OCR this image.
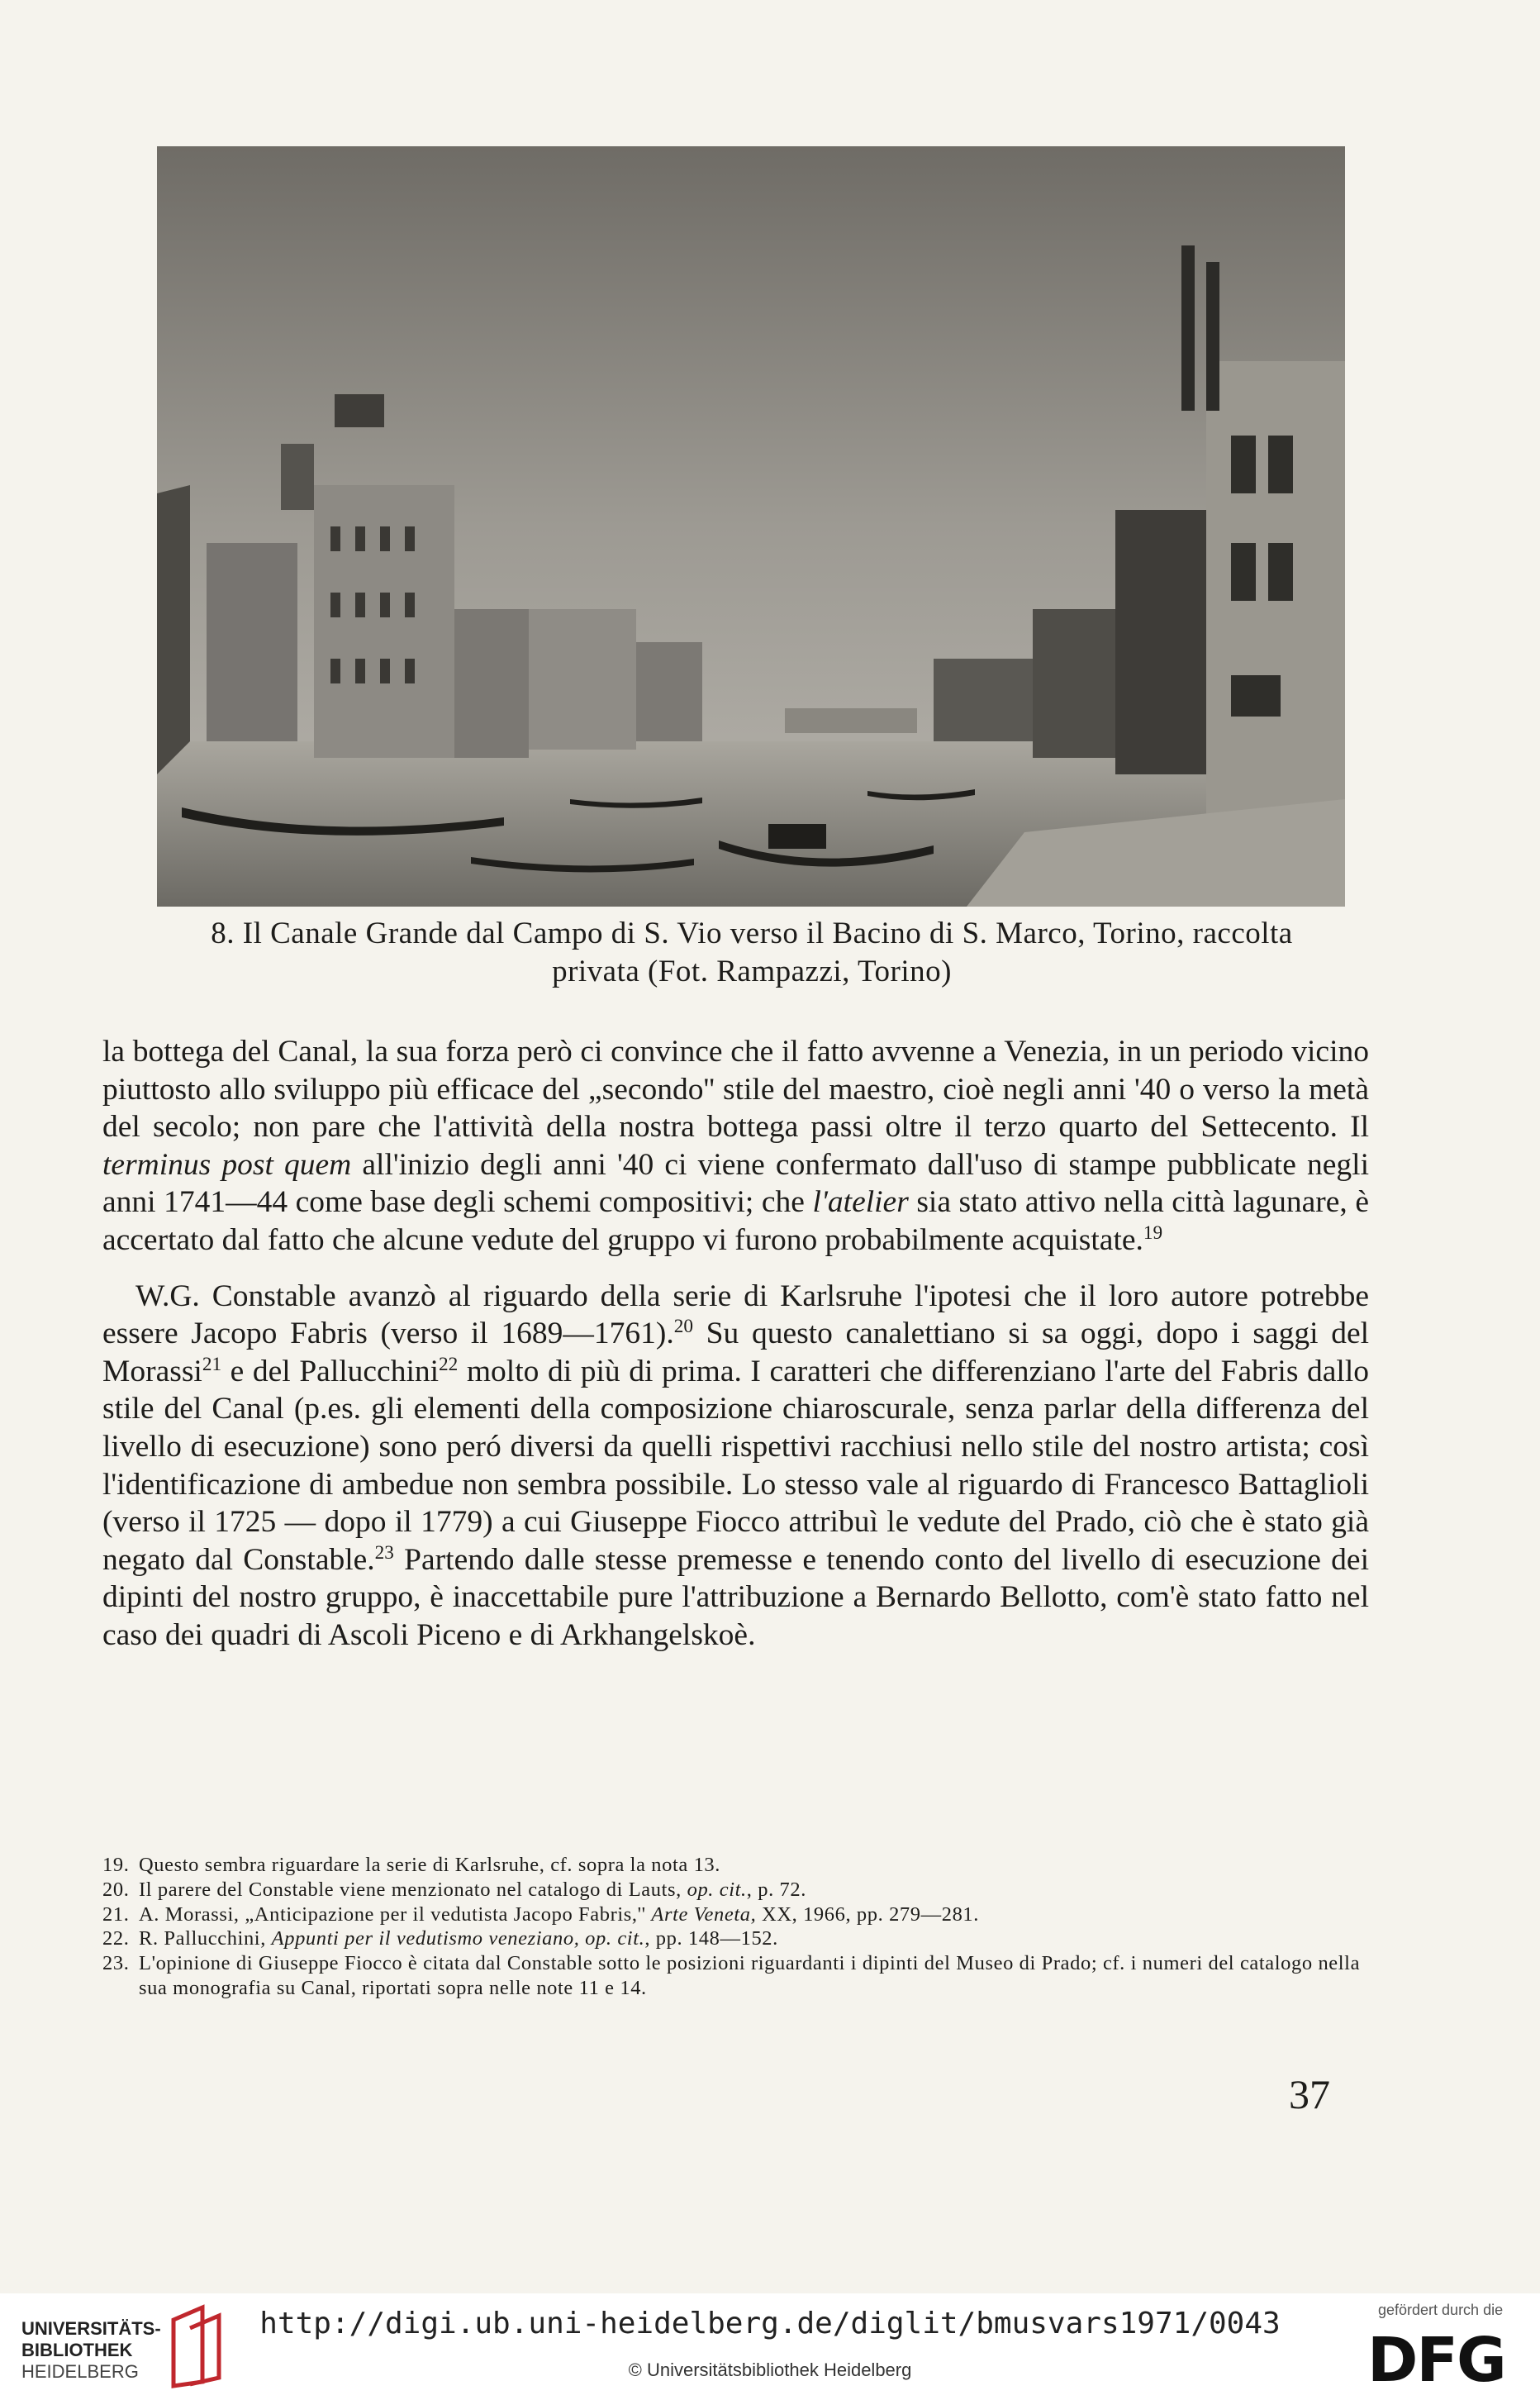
8. Il Canale Grande dal Campo di S. Vio verso il Bacino di S. Marco, Torino, raccolta
privata (Fot. Rampazzi, Torino)

la bottega del Canal, la sua forza però ci convince che il fatto avvenne a Venezia, in un periodo vicino piuttosto allo sviluppo più efficace del „secondo'' stile del maestro, cioè negli anni '40 o verso la metà del secolo; non pare che l'attività della nostra bottega passi oltre il terzo quarto del Settecento. Il terminus post quem all'inizio degli anni '40 ci viene confermato dall'uso di stampe pubblicate negli anni 1741—44 come base degli schemi compositivi; che l'atelier sia stato attivo nella città lagunare, è accertato dal fatto che alcune vedute del gruppo vi furono probabilmente acquistate.$^{19}$

W.G. Constable avanzò al riguardo della serie di Karlsruhe l'ipotesi che il loro autore potrebbe essere Jacopo Fabris (verso il 1689—1761).$^{20}$ Su questo canalettiano si sa oggi, dopo i saggi del Morassi$^{21}$ e del Pallucchini$^{22}$ molto di più di prima. I caratteri che differenziano l'arte del Fabris dallo stile del Canal (p.es. gli elementi della composizione chiaroscurale, senza parlar della differenza del livello di esecuzione) sono peró diversi da quelli rispettivi racchiusi nello stile del nostro artista; così l'identificazione di ambedue non sembra possibile. Lo stesso vale al riguardo di Francesco Battaglioli (verso il 1725 — dopo il 1779) a cui Giuseppe Fiocco attribuì le vedute del Prado, ciò che è stato già negato dal Constable.$^{23}$ Partendo dalle stesse premesse e tenendo conto del livello di esecuzione dei dipinti del nostro gruppo, è inaccettabile pure l'attribuzione a Bernardo Bellotto, com'è stato fatto nel caso dei quadri di Ascoli Piceno e di Arkhangelskoè.

19. Questo sembra riguardare la serie di Karlsruhe, cf. sopra la nota 13.
20. Il parere del Constable viene menzionato nel catalogo di Lauts, op. cit., p. 72.
21. A. Morassi, „Anticipazione per il vedutista Jacopo Fabris,'' Arte Veneta, XX, 1966, pp. 279—281.
22. R. Pallucchini, Appunti per il vedutismo veneziano, op. cit., pp. 148—152.
23. L'opinione di Giuseppe Fiocco è citata dal Constable sotto le posizioni riguardanti i dipinti del Museo di Prado; cf. i numeri del catalogo nella sua monografia su Canal, riportati sopra nelle note 11 e 14.
37
UNIVERSITÄTS-
BIBLIOTHEK
HEIDELBERG
http://digi.ub.uni-heidelberg.de/diglit/bmusvars1971/0043
© Universitätsbibliothek Heidelberg
gefördert durch die
DFG
